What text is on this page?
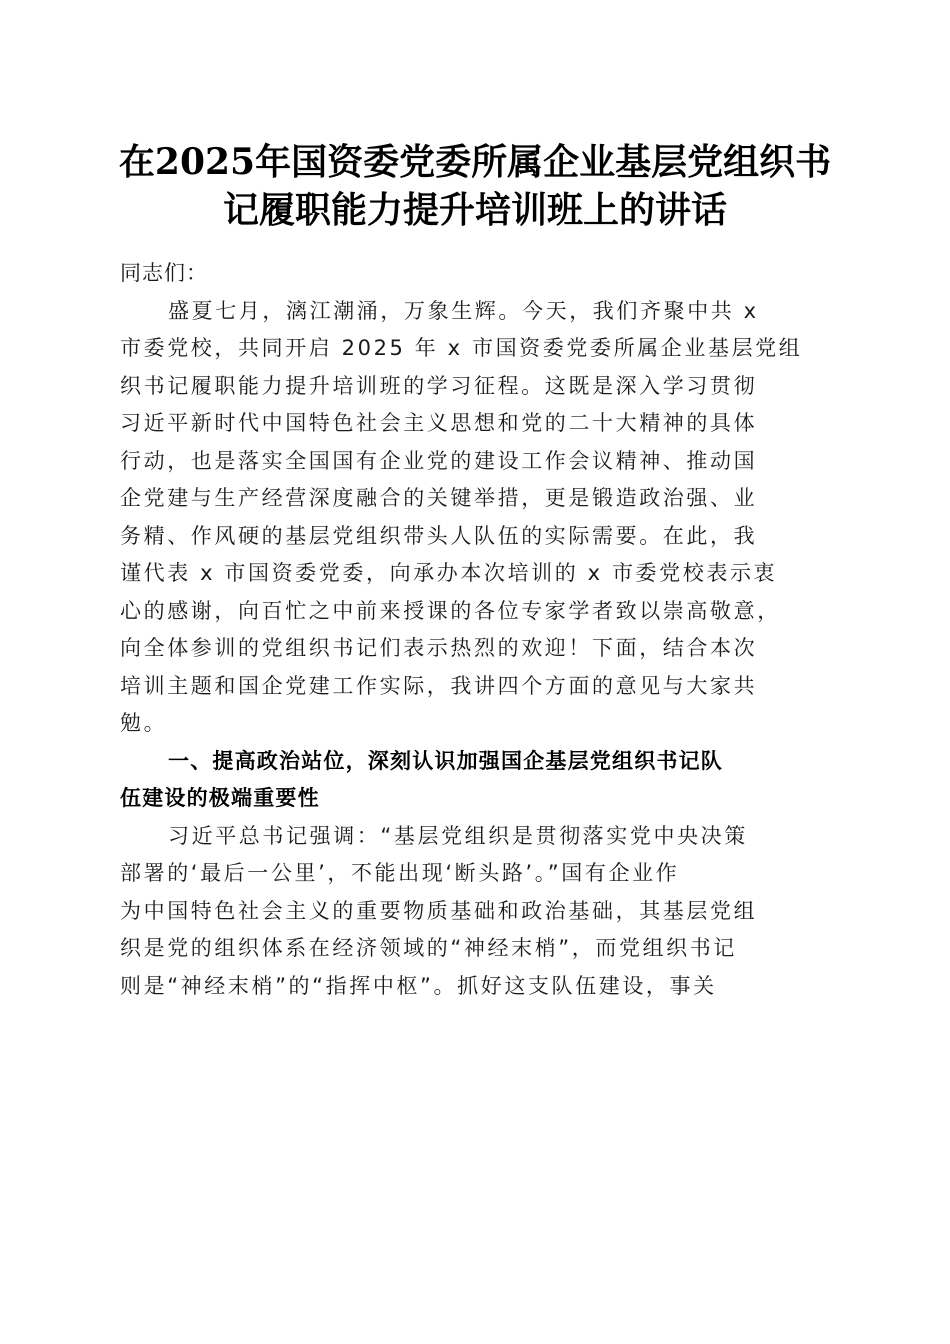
在2025年国资委党委所属企业基层党组织书
记履职能力提升培训班上的讲话
同志们：
盛夏七月，漓江潮涌，万象生辉。今天，我们齐聚中共 x
市委党校，共同开启 2025 年 x 市国资委党委所属企业基层党组
织书记履职能力提升培训班的学习征程。这既是深入学习贯彻
习近平新时代中国特色社会主义思想和党的二十大精神的具体
行动，也是落实全国国有企业党的建设工作会议精神、推动国
企党建与生产经营深度融合的关键举措，更是锻造政治强、业
务精、作风硬的基层党组织带头人队伍的实际需要。在此，我
谨代表 x 市国资委党委，向承办本次培训的 x 市委党校表示衷
心的感谢，向百忙之中前来授课的各位专家学者致以崇高敬意，
向全体参训的党组织书记们表示热烈的欢迎！下面，结合本次
培训主题和国企党建工作实际，我讲四个方面的意见与大家共
勉。
一、提高政治站位，深刻认识加强国企基层党组织书记队
伍建设的极端重要性
习近平总书记强调：“基层党组织是贯彻落实党中央决策
部署的‘最后一公里’，不能出现‘断头路’。”国有企业作
为中国特色社会主义的重要物质基础和政治基础，其基层党组
织是党的组织体系在经济领域的“神经末梢”，而党组织书记
则是“神经末梢”的“指挥中枢”。抓好这支队伍建设，事关
